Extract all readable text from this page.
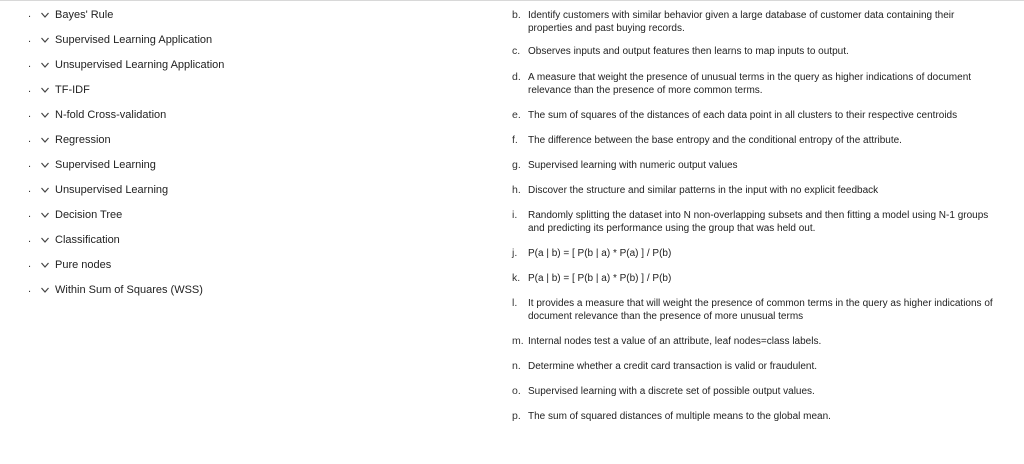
. Bayes' Rule
. Supervised Learning Application
. Unsupervised Learning Application
. TF-IDF
. N-fold Cross-validation
. Regression
. Supervised Learning
. Unsupervised Learning
. Decision Tree
. Classification
. Pure nodes
. Within Sum of Squares (WSS)
b. Identify customers with similar behavior given a large database of customer data containing their properties and past buying records.
c. Observes inputs and output features then learns to map inputs to output.
d. A measure that weight the presence of unusual terms in the query as higher indications of document relevance than the presence of more common terms.
e. The sum of squares of the distances of each data point in all clusters to their respective centroids
f. The difference between the base entropy and the conditional entropy of the attribute.
g. Supervised learning with numeric output values
h. Discover the structure and similar patterns in the input with no explicit feedback
i. Randomly splitting the dataset into N non-overlapping subsets and then fitting a model using N-1 groups and predicting its performance using the group that was held out.
j. P(a | b) = [ P(b | a) * P(a) ] / P(b)
k. P(a | b) = [ P(b | a) * P(b) ] / P(b)
l. It provides a measure that will weight the presence of common terms in the query as higher indications of document relevance than the presence of more unusual terms
m. Internal nodes test a value of an attribute, leaf nodes=class labels.
n. Determine whether a credit card transaction is valid or fraudulent.
o. Supervised learning with a discrete set of possible output values.
p. The sum of squared distances of multiple means to the global mean.
